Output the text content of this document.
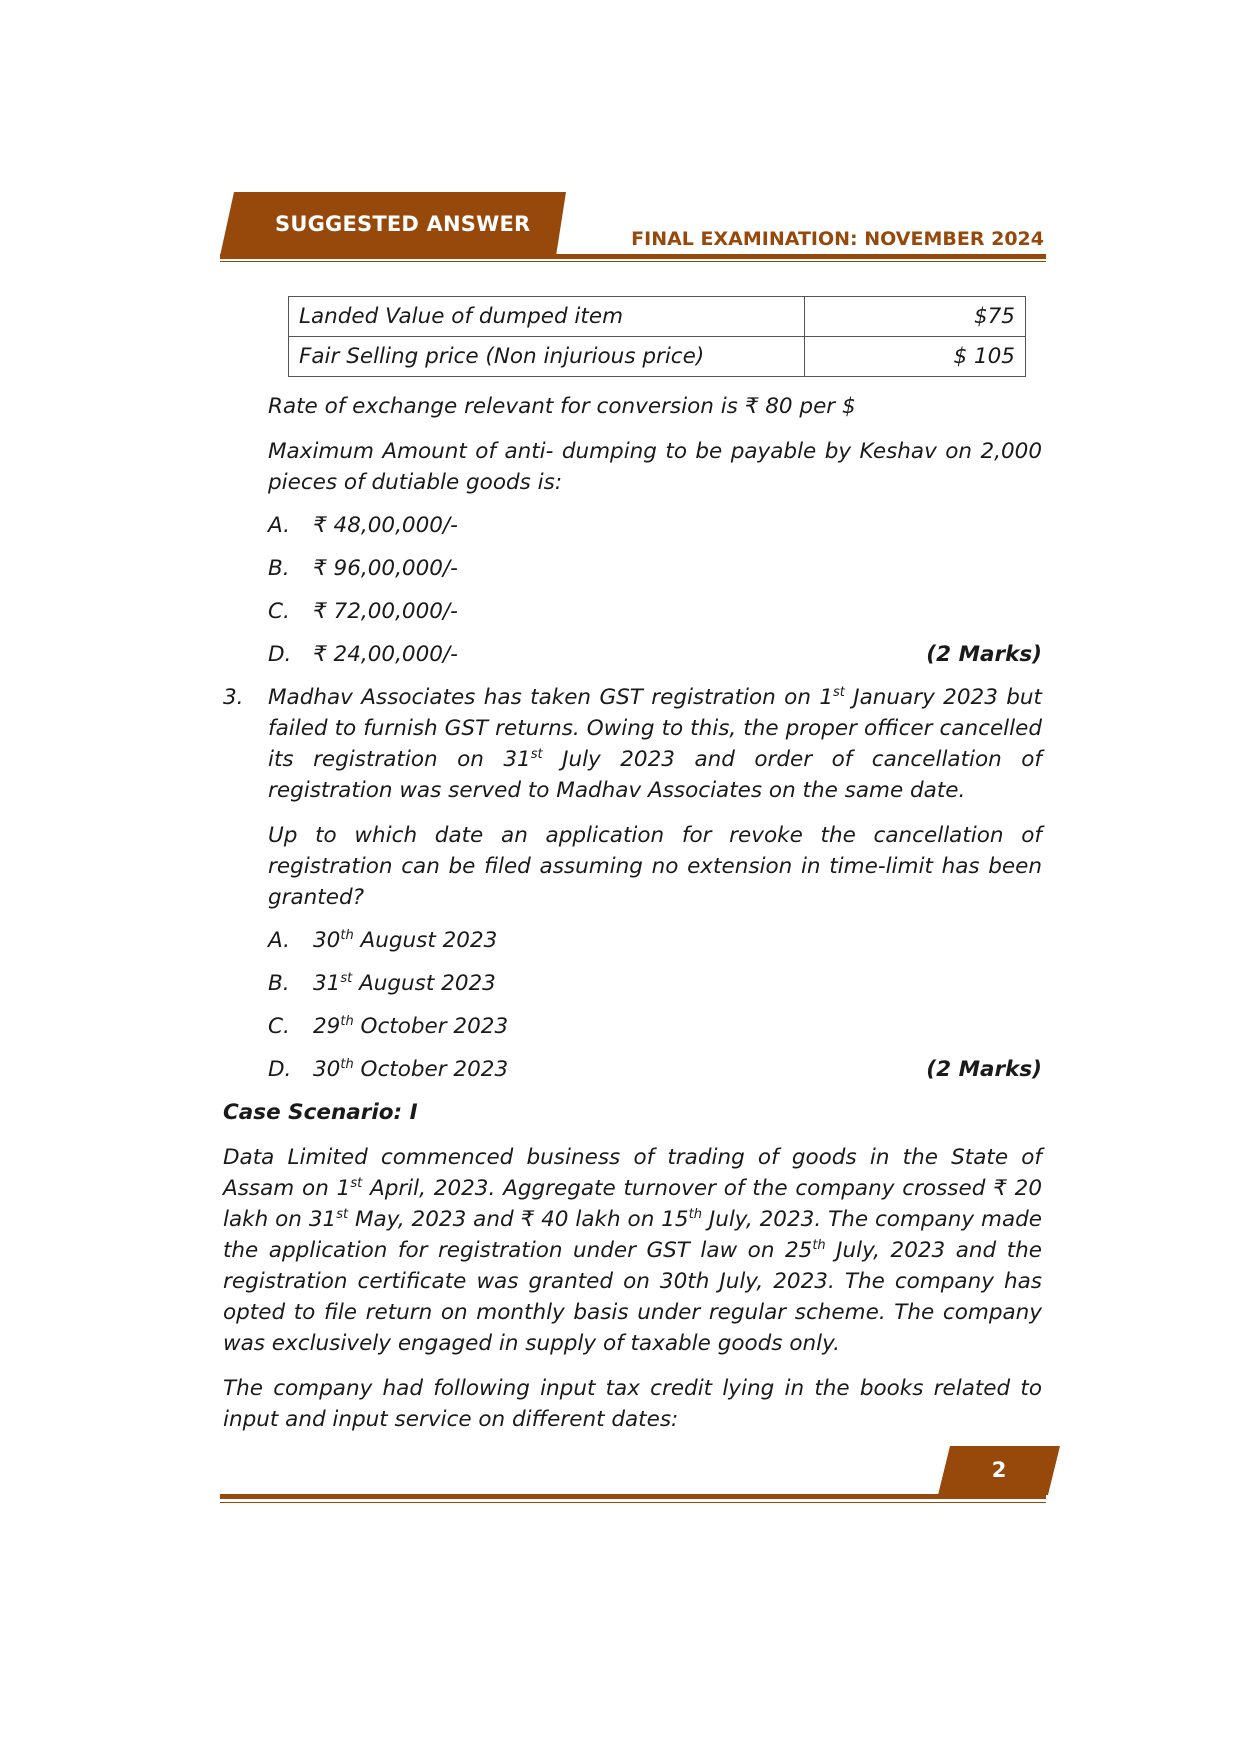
SUGGESTED ANSWER
FINAL EXAMINATION: NOVEMBER 2024
Landed Value of dumped item	$75
Fair Selling price (Non injurious price)	$ 105

Rate of exchange relevant for conversion is ₹ 80 per $

Maximum Amount of anti- dumping to be payable by Keshav on 2,000 pieces of dutiable goods is:

A.	₹ 48,00,000/-
B.	₹ 96,00,000/-
C.	₹ 72,00,000/-
D.	₹ 24,00,000/-	(2 Marks)
3.	Madhav Associates has taken GST registration on 1st January 2023 but failed to furnish GST returns. Owing to this, the proper officer cancelled its registration on 31st July 2023 and order of cancellation of registration was served to Madhav Associates on the same date.

Up to which date an application for revoke the cancellation of registration can be filed assuming no extension in time-limit has been granted?

A.	30th August 2023
B.	31st August 2023
C.	29th October 2023
D.	30th October 2023	(2 Marks)

Case Scenario: I

Data Limited commenced business of trading of goods in the State of Assam on 1st April, 2023. Aggregate turnover of the company crossed ₹ 20 lakh on 31st May, 2023 and ₹ 40 lakh on 15th July, 2023. The company made the application for registration under GST law on 25th July, 2023 and the registration certificate was granted on 30th July, 2023. The company has opted to file return on monthly basis under regular scheme. The company was exclusively engaged in supply of taxable goods only.

The company had following input tax credit lying in the books related to input and input service on different dates:

2
